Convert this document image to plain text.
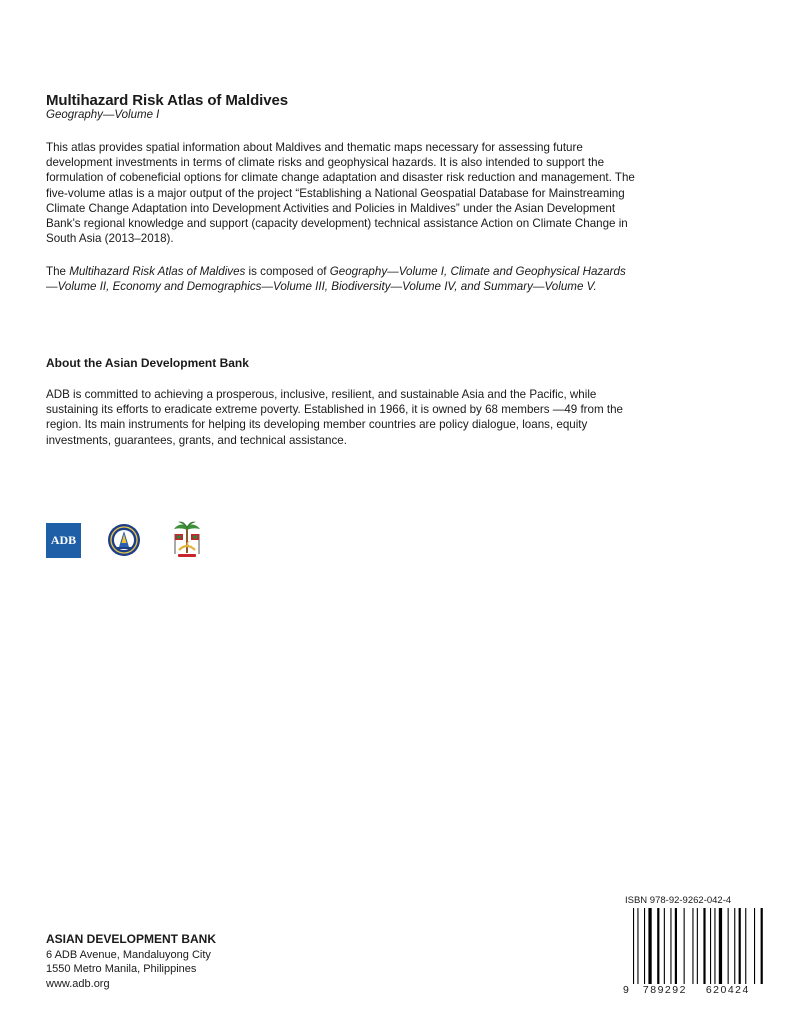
Multihazard Risk Atlas of Maldives
Geography—Volume I

This atlas provides spatial information about Maldives and thematic maps necessary for assessing future development investments in terms of climate risks and geophysical hazards. It is also intended to support the formulation of cobeneficial options for climate change adaptation and disaster risk reduction and management. The five-volume atlas is a major output of the project “Establishing a National Geospatial Database for Mainstreaming Climate Change Adaptation into Development Activities and Policies in Maldives” under the Asian Development Bank’s regional knowledge and support (capacity development) technical assistance Action on Climate Change in South Asia (2013–2018).

The Multihazard Risk Atlas of Maldives is composed of Geography—Volume I, Climate and Geophysical Hazards —Volume II, Economy and Demographics—Volume III, Biodiversity—Volume IV, and Summary—Volume V.

About the Asian Development Bank

ADB is committed to achieving a prosperous, inclusive, resilient, and sustainable Asia and the Pacific, while sustaining its efforts to eradicate extreme poverty. Established in 1966, it is owned by 68 members —49 from the region. Its main instruments for helping its developing member countries are policy dialogue, loans, equity investments, guarantees, grants, and technical assistance.

ADB
ASIAN DEVELOPMENT BANK
6 ADB Avenue, Mandaluyong City
1550 Metro Manila, Philippines
www.adb.org
ISBN 978-92-9262-042-4
9 789292 620424
